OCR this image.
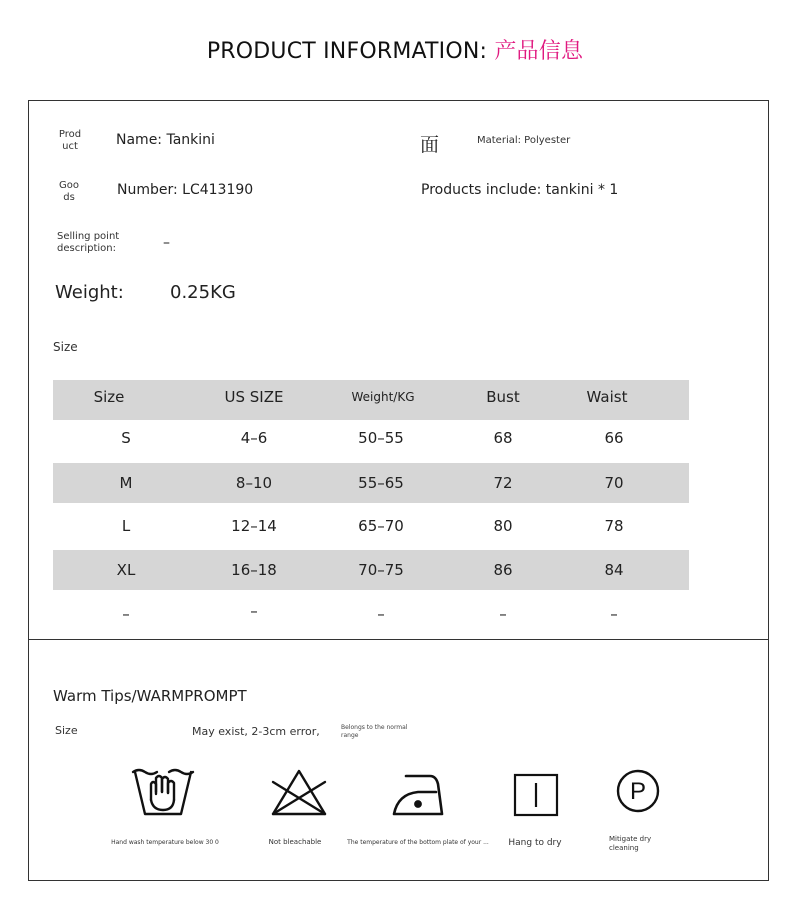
PRODUCT INFORMATION: 产品信息
Prod
uct	Name: Tankini	面	Material: Polyester
Goo
ds	Number: LC413190	Products include: tankini * 1
Selling point
description:	–
Weight:	0.25KG
Size
Size	US SIZE	Weight/KG	Bust	Waist
S	4–6	50–55	68	66
M	8–10	55–65	72	70
L	12–14	65–70	80	78
XL	16–18	70–75	86	84
–	–	–	–	–
Warm Tips/WARMPROMPT
Size	May exist, 2-3cm error,	Belongs to the normal
range
P
Hand wash temperature below 30 0	Not bleachable	The temperature of the bottom plate of your ...	Hang to dry	Mitigate dry
cleaning
